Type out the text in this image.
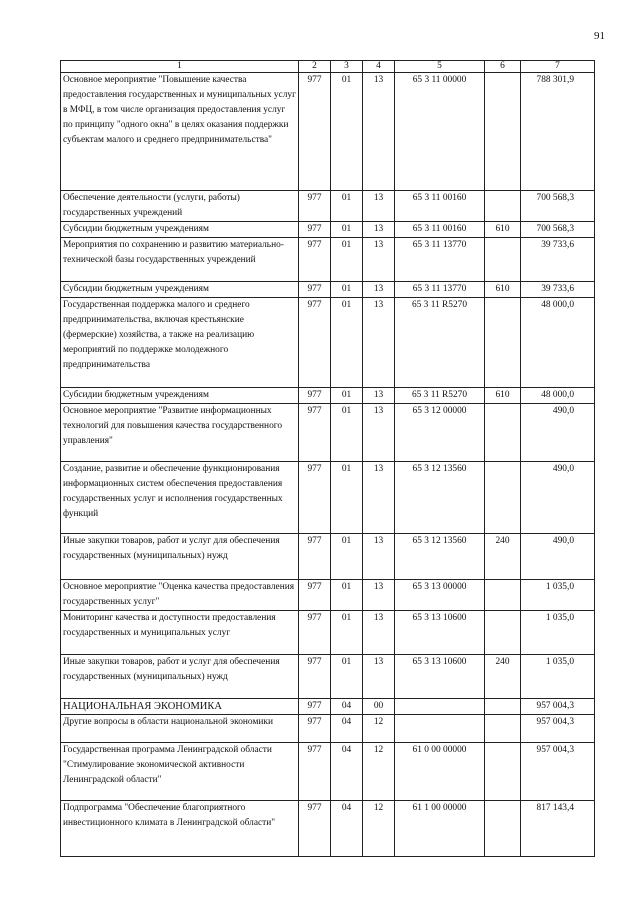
91
1	2	3	4	5	6	7
Основное мероприятие "Повышение качества предоставления государственных и муниципальных услуг в МФЦ, в том числе организация предоставления услуг по принципу "одного окна" в целях оказания поддержки субъектам малого и среднего предпринимательства"	977	01	13	65 3 11 00000		788 301,9
Обеспечение деятельности (услуги, работы) государственных учреждений	977	01	13	65 3 11 00160		700 568,3
Субсидии бюджетным учреждениям	977	01	13	65 3 11 00160	610	700 568,3
Мероприятия по сохранению и развитию материально-технической базы государственных учреждений	977	01	13	65 3 11 13770		39 733,6
Субсидии бюджетным учреждениям	977	01	13	65 3 11 13770	610	39 733,6
Государственная поддержка малого и среднего предпринимательства, включая крестьянские (фермерские) хозяйства, а также на реализацию мероприятий по поддержке молодежного предпринимательства	977	01	13	65 3 11 R5270		48 000,0
Субсидии бюджетным учреждениям	977	01	13	65 3 11 R5270	610	48 000,0
Основное мероприятие "Развитие информационных технологий для повышения качества государственного управления"	977	01	13	65 3 12 00000		490,0
Создание, развитие и обеспечение функционирования информационных систем обеспечения предоставления государственных услуг и исполнения государственных функций	977	01	13	65 3 12 13560		490,0
Иные закупки товаров, работ и услуг для обеспечения государственных (муниципальных) нужд	977	01	13	65 3 12 13560	240	490,0
Основное мероприятие "Оценка качества предоставления государственных услуг"	977	01	13	65 3 13 00000		1 035,0
Мониторинг качества и доступности предоставления государственных и муниципальных услуг	977	01	13	65 3 13 10600		1 035,0
Иные закупки товаров, работ и услуг для обеспечения государственных (муниципальных) нужд	977	01	13	65 3 13 10600	240	1 035,0
НАЦИОНАЛЬНАЯ ЭКОНОМИКА	977	04	00			957 004,3
Другие вопросы в области национальной экономики	977	04	12			957 004,3
Государственная программа Ленинградской области "Стимулирование экономической активности Ленинградской области"	977	04	12	61 0 00 00000		957 004,3
Подпрограмма "Обеспечение благоприятного инвестиционного климата в Ленинградской области"	977	04	12	61 1 00 00000		817 143,4
